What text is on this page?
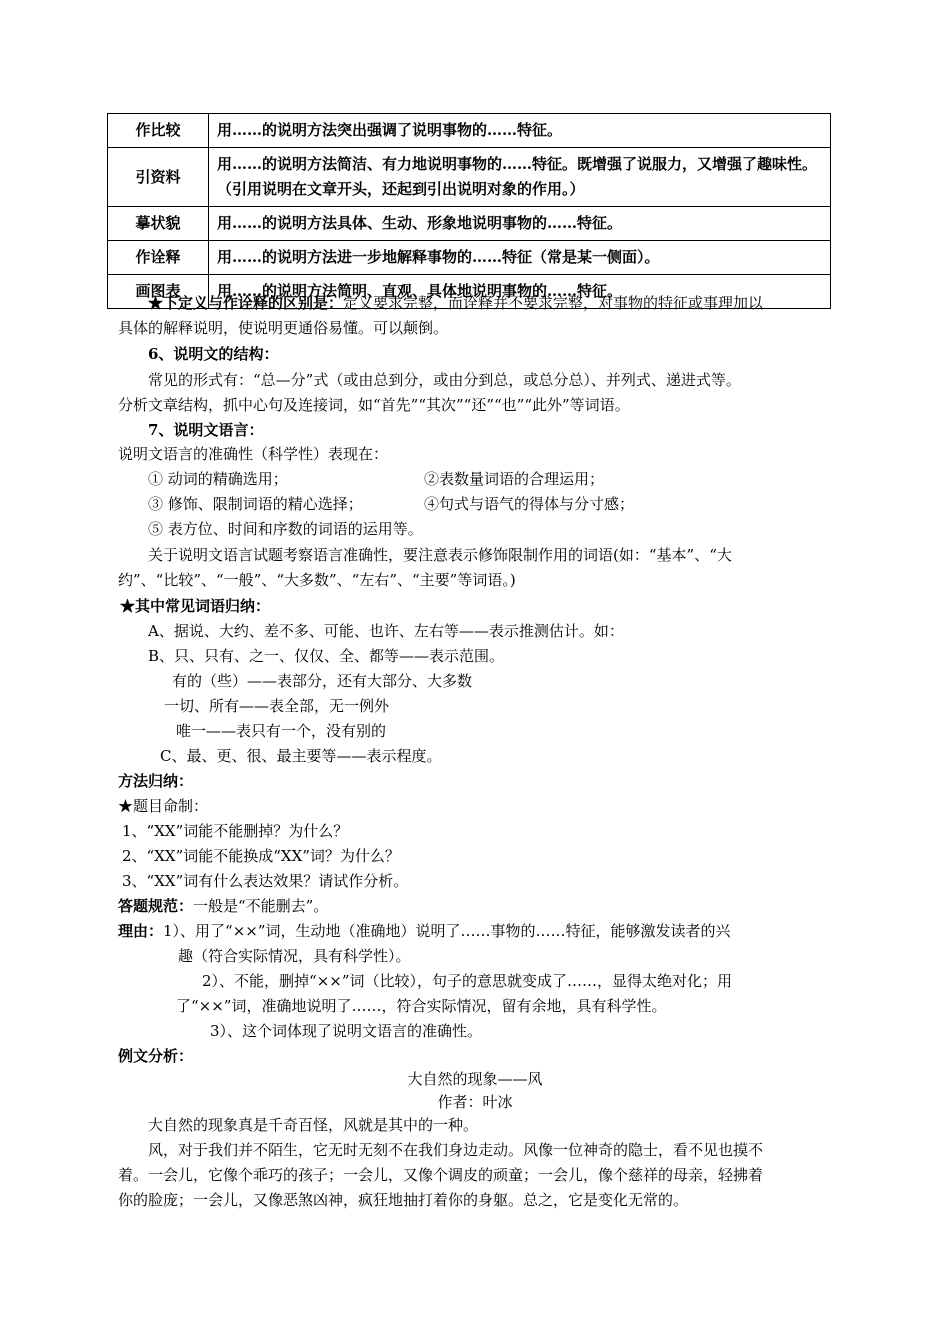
作比较	用……的说明方法突出强调了说明事物的……特征。
引资料	用……的说明方法简洁、有力地说明事物的……特征。既增强了说服力，又增强了趣味性。（引用说明在文章开头，还起到引出说明对象的作用。）
摹状貌	用……的说明方法具体、生动、形象地说明事物的……特征。
作诠释	用……的说明方法进一步地解释事物的……特征（常是某一侧面）。
画图表	用……的说明方法简明、直观、具体地说明事物的……特征。
★下定义与作诠释的区别是：定义要求完整，而诠释并不要求完整，对事物的特征或事理加以
具体的解释说明，使说明更通俗易懂。可以颠倒。
6、说明文的结构：
常见的形式有：“总—分”式（或由总到分，或由分到总，或总分总）、并列式、递进式等。
分析文章结构，抓中心句及连接词，如“首先”“其次”“还”“也”“此外”等词语。
7、说明文语言：
说明文语言的准确性（科学性）表现在：
① 动词的精确选用；	②表数量词语的合理运用；
③ 修饰、限制词语的精心选择；	④句式与语气的得体与分寸感；
⑤ 表方位、时间和序数的词语的运用等。
关于说明文语言试题考察语言准确性，要注意表示修饰限制作用的词语(如：“基本”、“大
约”、“比较”、“一般”、“大多数”、“左右”、“主要”等词语。)
★其中常见词语归纳：
A、据说、大约、差不多、可能、也许、左右等——表示推测估计。如：
B、只、只有、之一、仅仅、全、都等——表示范围。
有的（些）——表部分，还有大部分、大多数
一切、所有——表全部，无一例外
唯一——表只有一个，没有别的
C、最、更、很、最主要等——表示程度。
方法归纳：
★题目命制：
1、“XX”词能不能删掉？为什么？
2、“XX”词能不能换成“XX”词？为什么？
3、“XX”词有什么表达效果？请试作分析。
答题规范：一般是“不能删去”。
理由：1）、用了“××”词，生动地（准确地）说明了……事物的……特征，能够激发读者的兴
趣（符合实际情况，具有科学性）。
2）、不能，删掉“××”词（比较），句子的意思就变成了……，显得太绝对化；用
了“××”词，准确地说明了……，符合实际情况，留有余地，具有科学性。
3）、这个词体现了说明文语言的准确性。
例文分析：
大自然的现象——风
作者：叶冰
大自然的现象真是千奇百怪，风就是其中的一种。
风，对于我们并不陌生，它无时无刻不在我们身边走动。风像一位神奇的隐士，看不见也摸不
着。一会儿，它像个乖巧的孩子；一会儿，又像个调皮的顽童；一会儿，像个慈祥的母亲，轻拂着
你的脸庞；一会儿，又像恶煞凶神，疯狂地抽打着你的身躯。总之，它是变化无常的。
